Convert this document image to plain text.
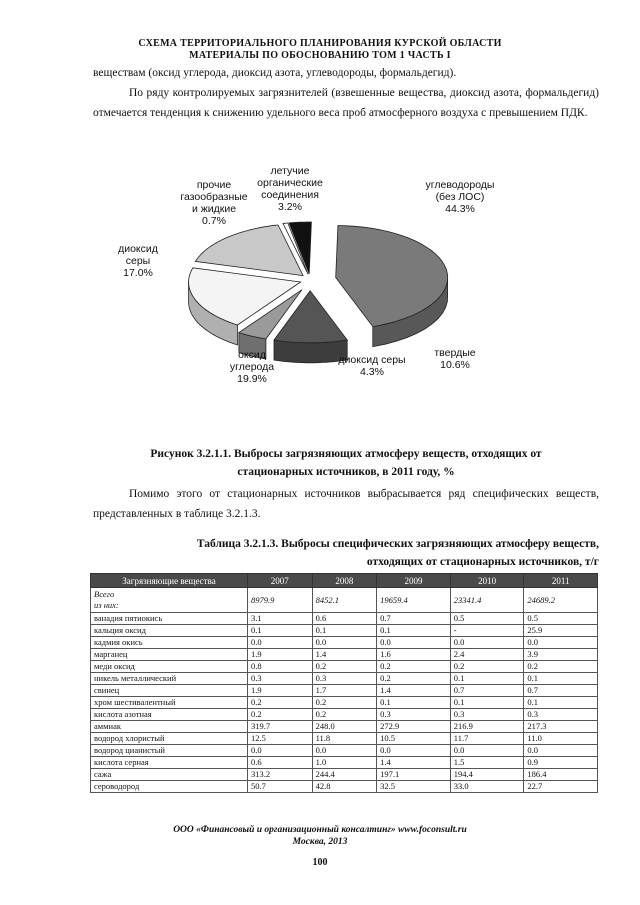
СХЕМА ТЕРРИТОРИАЛЬНОГО ПЛАНИРОВАНИЯ КУРСКОЙ ОБЛАСТИ
МАТЕРИАЛЫ ПО ОБОСНОВАНИЮ ТОМ 1 ЧАСТЬ I

веществам (оксид углерода, диоксид азота, углеводороды, формальдегид).

По ряду контролируемых загрязнителей (взвешенные вещества, диоксид азота, формальдегид) отмечается тенденция к снижению удельного веса проб атмосферного воздуха с превышением ПДК.

углеводороды (без ЛОС) 44.3%
твердые 10.6%
диоксид серы 4.3%
оксид углерода 19.9%
диоксид серы 17.0%
прочие газообразные и жидкие 0.7%
летучие органические соединения 3.2%
Рисунок 3.2.1.1. Выбросы загрязняющих атмосферу веществ, отходящих от
стационарных источников, в 2011 году, %

Помимо этого от стационарных источников выбрасывается ряд специфических веществ, представленных в таблице 3.2.1.3.

Таблица 3.2.1.3. Выбросы специфических загрязняющих атмосферу веществ,
отходящих от стационарных источников, т/г
Загрязняющие вещества	2007	2008	2009	2010	2011

Всего
из них:	8979.9	8452.1	19659.4	23341.4	24689.2
ванадия пятиокись	3.1	0.6	0.7	0.5	0.5
кальция оксид	0.1	0.1	0.1	-	25.9
кадмия окись	0.0	0.0	0.0	0.0	0.0
марганец	1.9	1.4	1.6	2.4	3.9
меди оксид	0.8	0.2	0.2	0.2	0.2
никель металлический	0.3	0.3	0.2	0.1	0.1
свинец	1.9	1.7	1.4	0.7	0.7
хром шестивалентный	0.2	0.2	0.1	0.1	0.1
кислота азотная	0.2	0.2	0.3	0.3	0.3
аммиак	319.7	248.0	272.9	216.9	217.3
водород хлористый	12.5	11.8	10.5	11.7	11.0
водород цианистый	0.0	0.0	0.0	0.0	0.0
кислота серная	0.6	1.0	1.4	1.5	0.9
сажа	313.2	244.4	197.1	194.4	186.4
сероводород	50.7	42.8	32.5	33.0	22.7
ООО «Финансовый и организационный консалтинг» www.foconsult.ru
Москва, 2013
100
